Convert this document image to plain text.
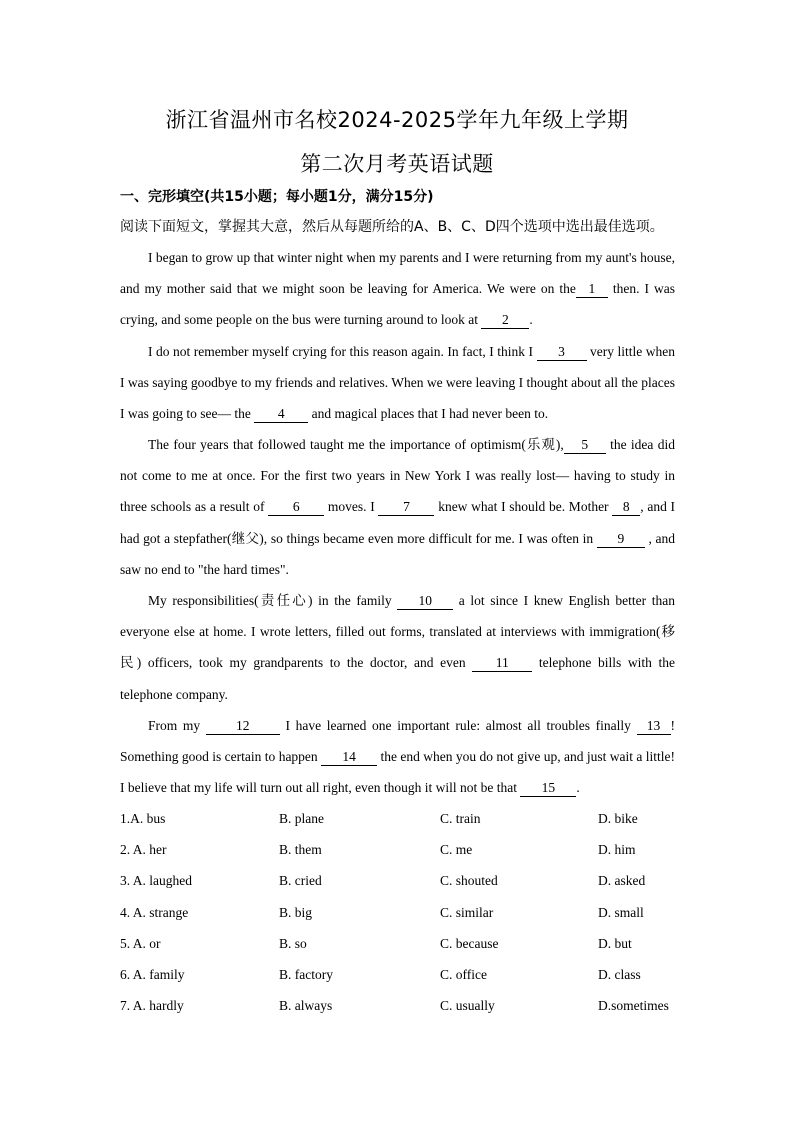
浙江省温州市名校2024-2025学年九年级上学期
第二次月考英语试题
一、完形填空(共15小题；每小题1分，满分15分)
阅读下面短文，掌握其大意，然后从每题所给的A、B、C、D四个选项中选出最佳选项。
I began to grow up that winter night when my parents and I were returning from my aunt's house, and my mother said that we might soon be leaving for America. We were on the 1 then. I was crying, and some people on the bus were turning around to look at 2 .
I do not remember myself crying for this reason again. In fact, I think I 3 very little when I was saying goodbye to my friends and relatives. When we were leaving I thought about all the places I was going to see— the 4 and magical places that I had never been to.
The four years that followed taught me the importance of optimism(乐观), 5 the idea did not come to me at once. For the first two years in New York I was really lost— having to study in three schools as a result of 6 moves. I 7 knew what I should be. Mother 8 , and I had got a stepfather(继父), so things became even more difficult for me. I was often in 9 , and saw no end to "the hard times".
My responsibilities(责任心) in the family 10 a lot since I knew English better than everyone else at home. I wrote letters, filled out forms, translated at interviews with immigration(移民) officers, took my grandparents to the doctor, and even 11 telephone bills with the telephone company.
From my	12	I have learned one important rule: almost all troubles finally 13 ! Something good is certain to happen 14 the end when you do not give up, and just wait a little! I believe that my life will turn out all right, even though it will not be that 15 .
1.A. bus	B. plane	C. train	D. bike
2. A. her	B. them	C. me	D. him
3. A. laughed	B. cried	C. shouted	D. asked
4. A. strange	B. big	C. similar	D. small
5. A. or	B. so	C. because	D. but
6. A. family	B. factory	C. office	D. class
7. A. hardly	B. always	C. usually	D.sometimes
